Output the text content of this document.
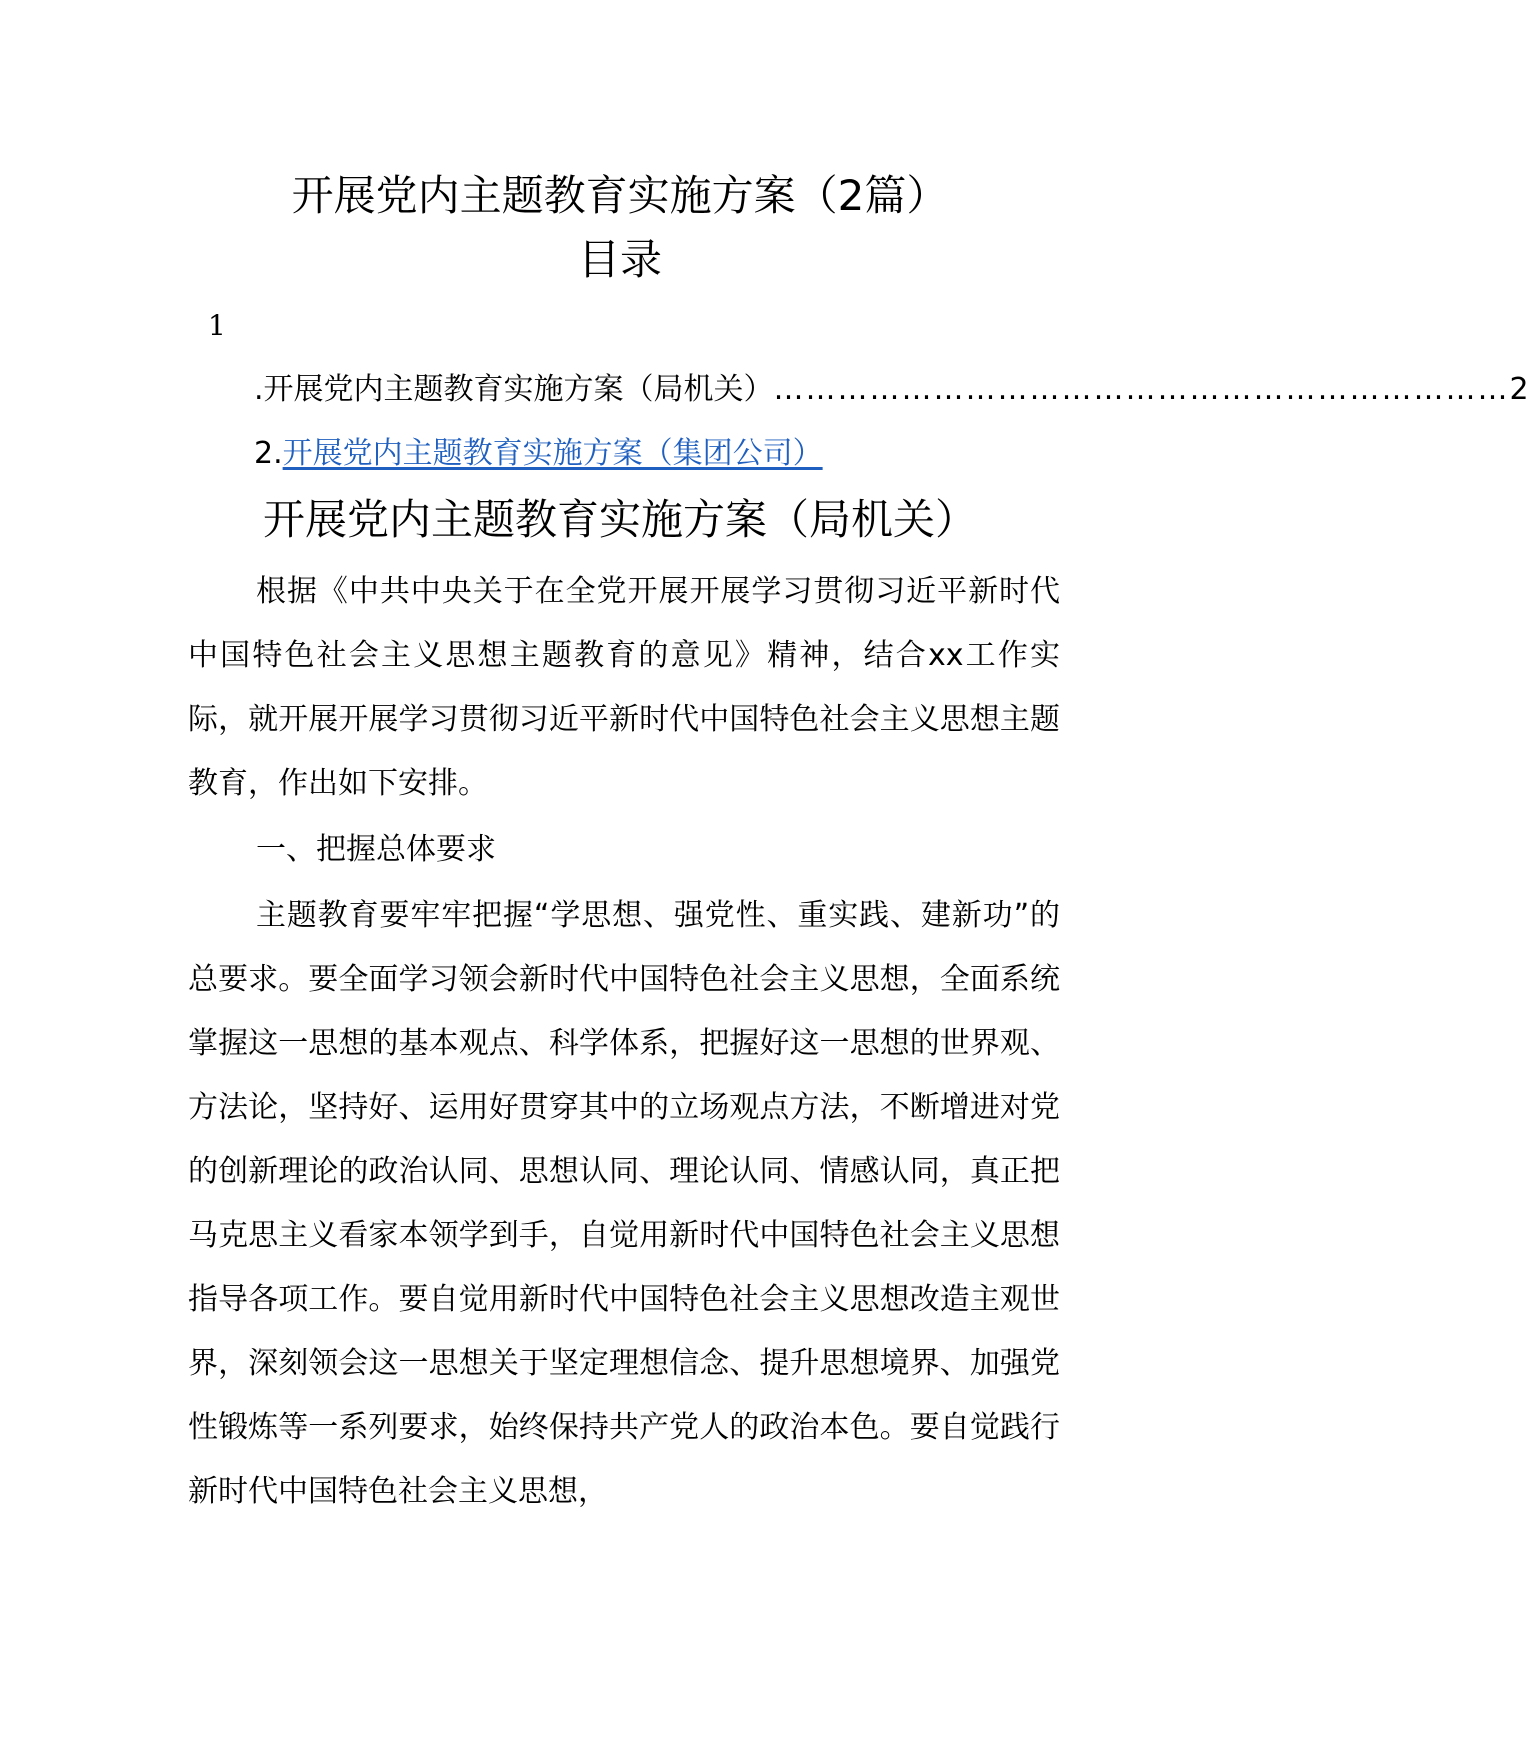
开展党内主题教育实施方案（2篇）
目录
1
.开展党内主题教育实施方案（局机关） …………………………………………………………… 2
2.开展党内主题教育实施方案（集团公司）
开展党内主题教育实施方案（局机关）

根据《中共中央关于在全党开展开展学习贯彻习近平新时代中国特色社会主义思想主题教育的意见》精神，结合xx工作实际，就开展开展学习贯彻习近平新时代中国特色社会主义思想主题教育，作出如下安排。

一、把握总体要求

主题教育要牢牢把握“学思想、强党性、重实践、建新功”的总要求。要全面学习领会新时代中国特色社会主义思想，全面系统掌握这一思想的基本观点、科学体系，把握好这一思想的世界观、方法论，坚持好、运用好贯穿其中的立场观点方法，不断增进对党的创新理论的政治认同、思想认同、理论认同、情感认同，真正把马克思主义看家本领学到手，自觉用新时代中国特色社会主义思想指导各项工作。要自觉用新时代中国特色社会主义思想改造主观世界，深刻领会这一思想关于坚定理想信念、提升思想境界、加强党性锻炼等一系列要求，始终保持共产党人的政治本色。要自觉践行新时代中国特色社会主义思想，
